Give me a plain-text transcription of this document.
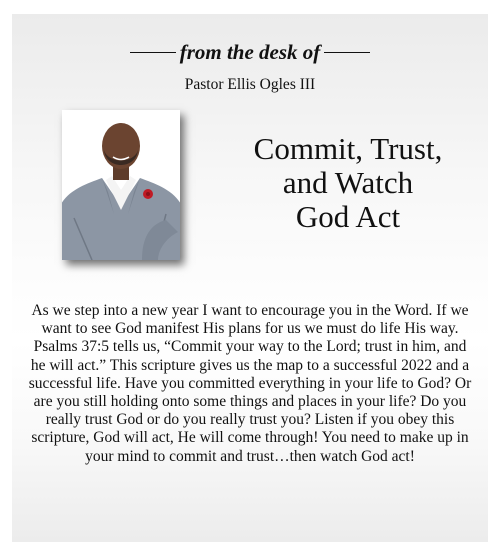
from the desk of
Pastor Ellis Ogles III
Commit, Trust,
and Watch
God Act
As we step into a new year I want to encourage you in the Word. If we want to see God manifest His plans for us we must do life His way. Psalms 37:5 tells us, “Commit your way to the Lord; trust in him, and he will act.” This scripture gives us the map to a successful 2022 and a successful life. Have you committed everything in your life to God? Or are you still holding onto some things and places in your life? Do you really trust God or do you really trust you? Listen if you obey this scripture, God will act, He will come through! You need to make up in your mind to commit and trust…then watch God act!
